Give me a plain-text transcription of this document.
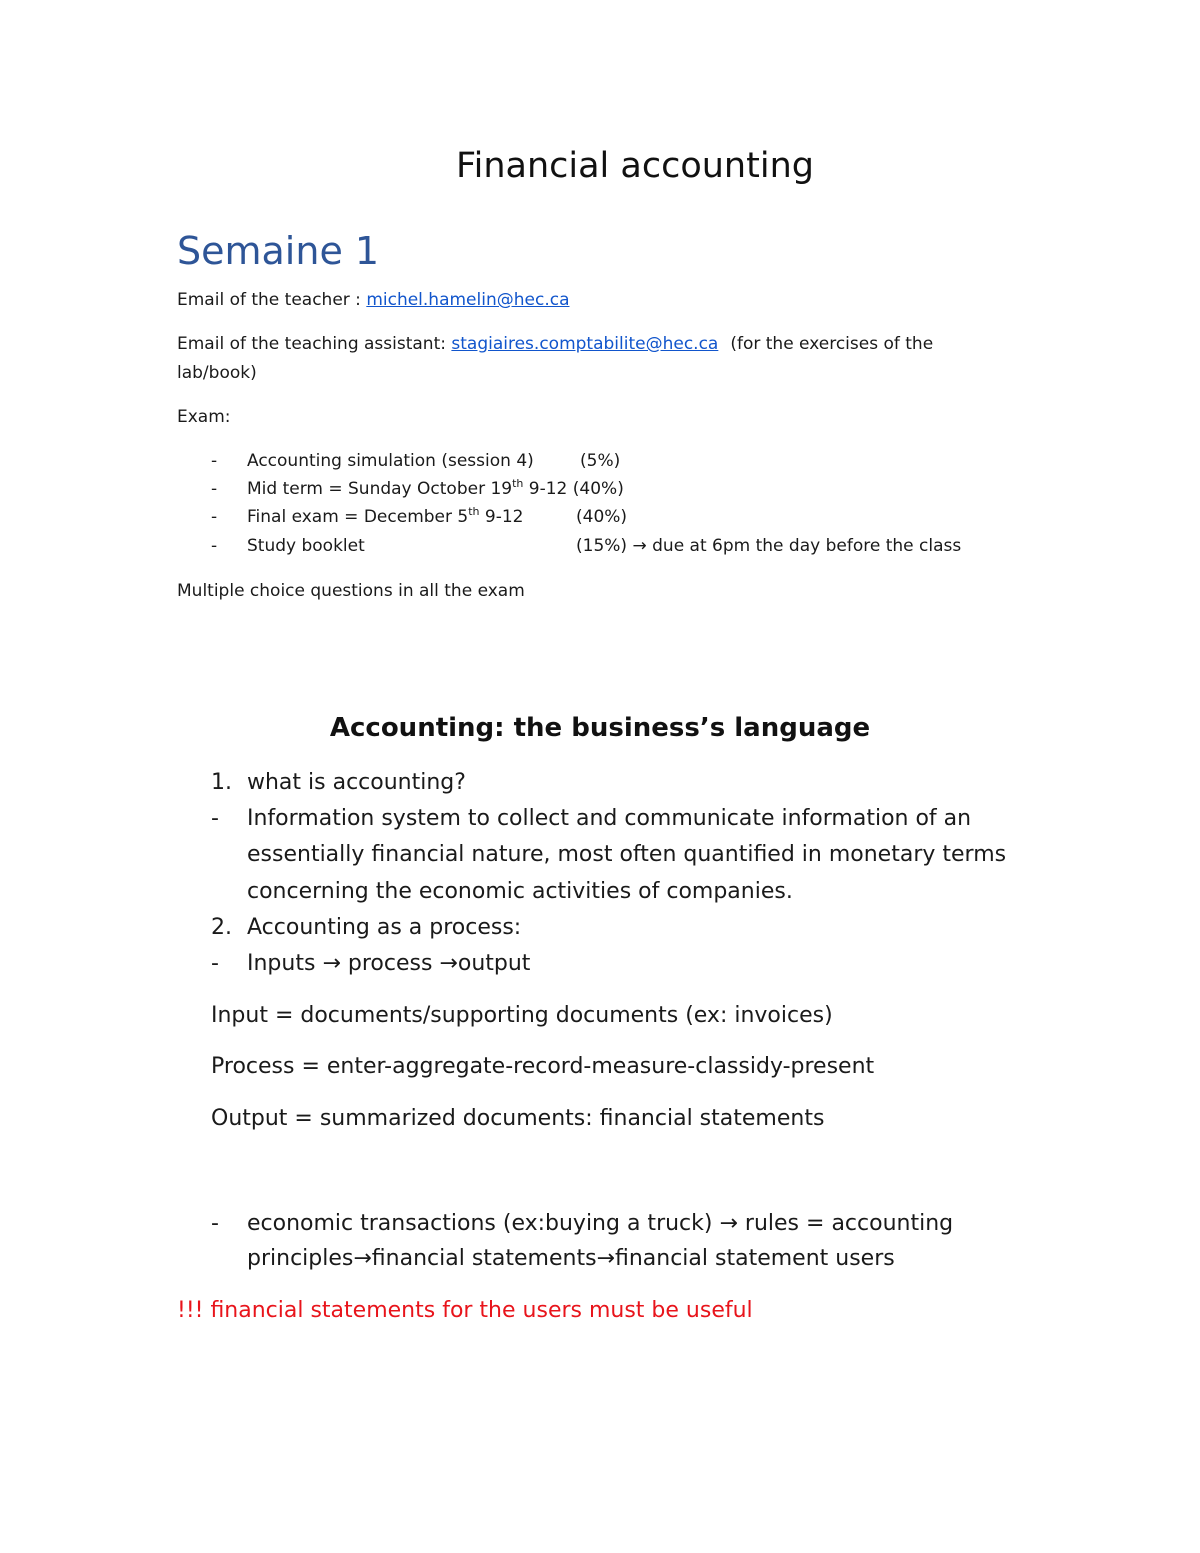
Financial accounting
Semaine 1
Email of the teacher : michel.hamelin@hec.ca
Email of the teaching assistant: stagiaires.comptabilite@hec.ca (for the exercises of the
lab/book)
Exam:
- Accounting simulation (session 4)	(5%)
- Mid term = Sunday October 19th 9-12 (40%)
- Final exam = December 5th 9-12	(40%)
- Study booklet	(15%) → due at 6pm the day before the class
Multiple choice questions in all the exam
Accounting: the business’s language
1. what is accounting?
- Information system to collect and communicate information of an
essentially financial nature, most often quantified in monetary terms
concerning the economic activities of companies.
2. Accounting as a process:
- Inputs → process →output
Input = documents/supporting documents (ex: invoices)
Process = enter-aggregate-record-measure-classidy-present
Output = summarized documents: financial statements
- economic transactions (ex:buying a truck) → rules = accounting
principles→financial statements→financial statement users
!!! financial statements for the users must be useful
